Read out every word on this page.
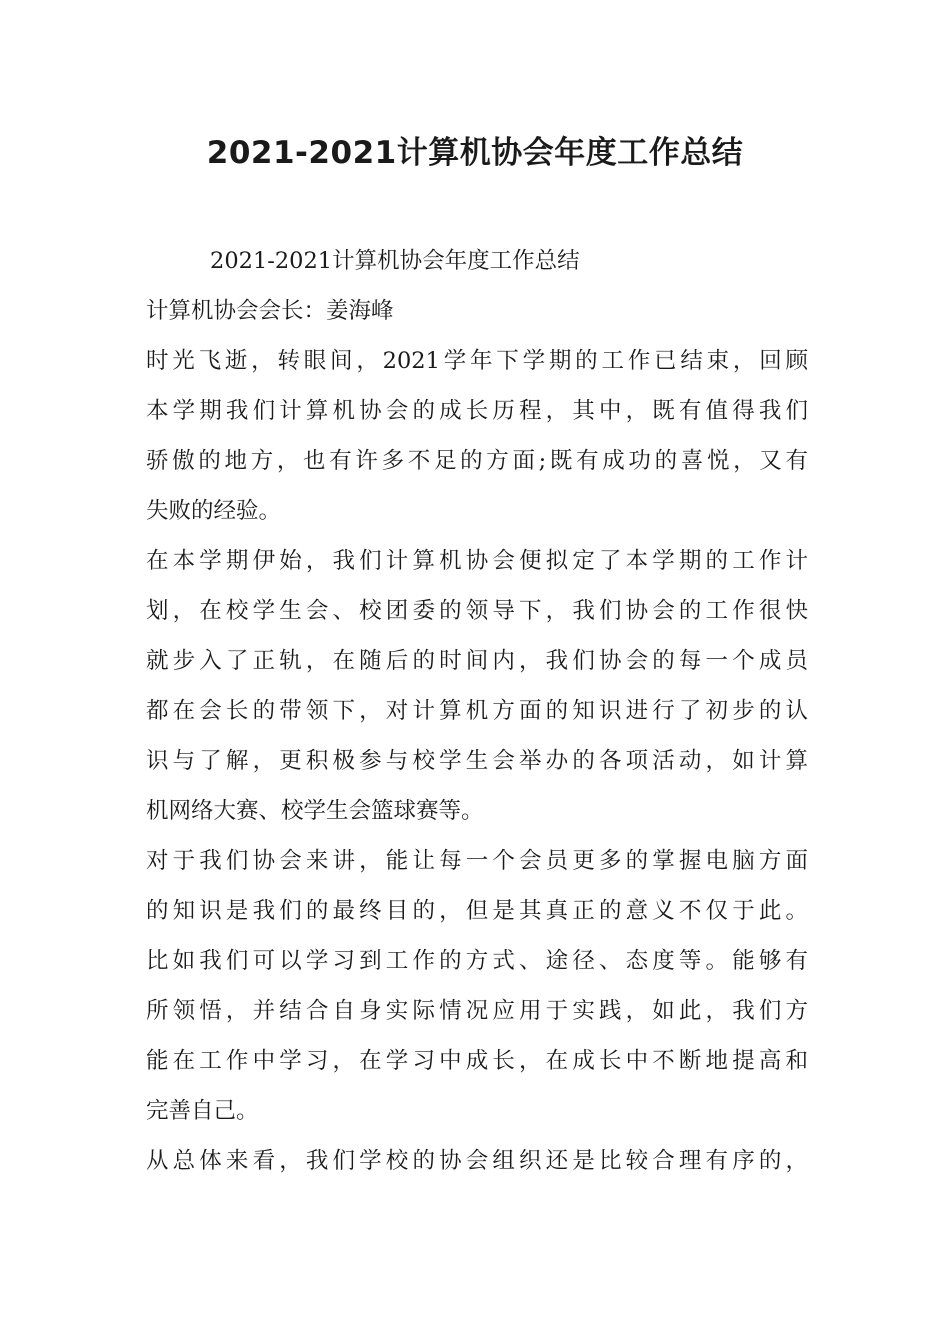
2021-2021计算机协会年度工作总结
2021-2021计算机协会年度工作总结
计算机协会会长：姜海峰
时光飞逝，转眼间，2021学年下学期的工作已结束，回顾
本学期我们计算机协会的成长历程，其中，既有值得我们
骄傲的地方，也有许多不足的方面;既有成功的喜悦，又有
失败的经验。
在本学期伊始，我们计算机协会便拟定了本学期的工作计
划，在校学生会、校团委的领导下，我们协会的工作很快
就步入了正轨，在随后的时间内，我们协会的每一个成员
都在会长的带领下，对计算机方面的知识进行了初步的认
识与了解，更积极参与校学生会举办的各项活动，如计算
机网络大赛、校学生会篮球赛等。
对于我们协会来讲，能让每一个会员更多的掌握电脑方面
的知识是我们的最终目的，但是其真正的意义不仅于此。
比如我们可以学习到工作的方式、途径、态度等。能够有
所领悟，并结合自身实际情况应用于实践，如此，我们方
能在工作中学习，在学习中成长，在成长中不断地提高和
完善自己。
从总体来看，我们学校的协会组织还是比较合理有序的，
